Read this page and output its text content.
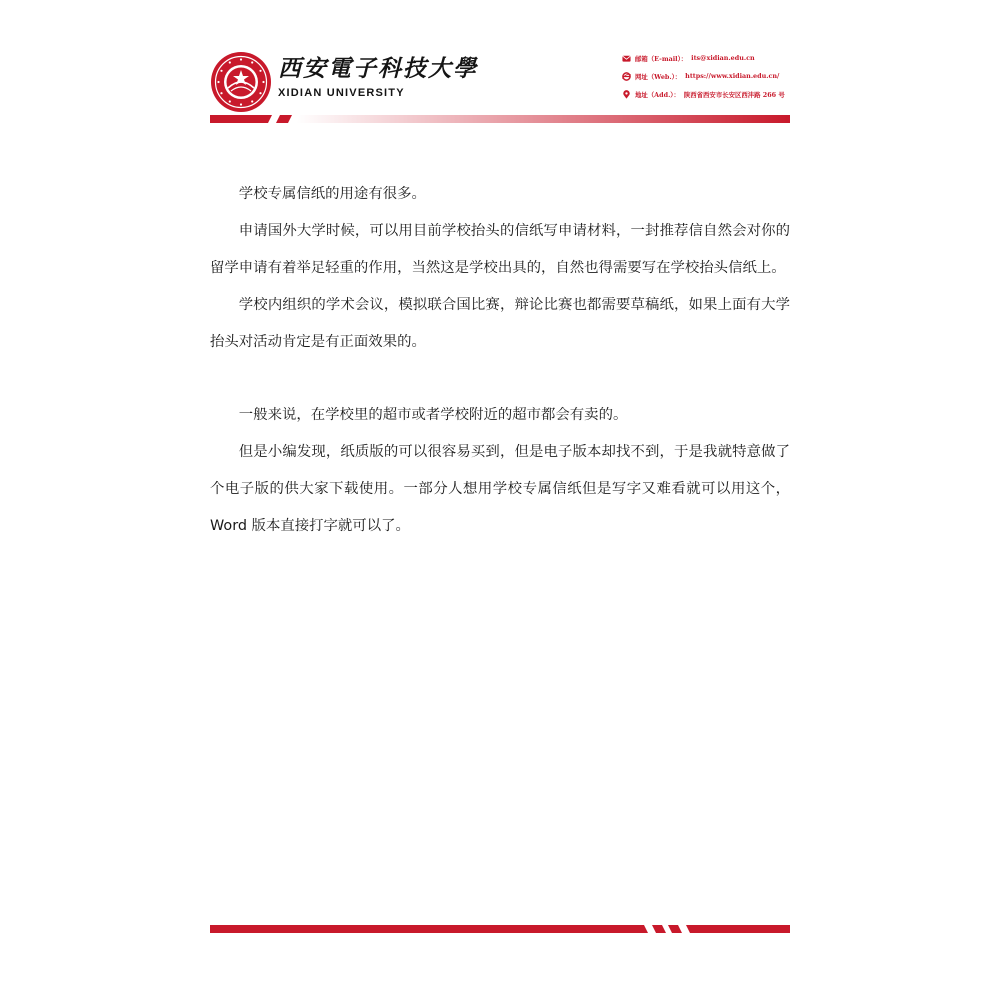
西安電子科技大學
XIDIAN UNIVERSITY
邮箱（E-mail）： its@xidian.edu.cn
网址（Web.）： https://www.xidian.edu.cn/
地址（Add.）： 陕西省西安市长安区西沣路 266 号

学校专属信纸的用途有很多。

申请国外大学时候，可以用目前学校抬头的信纸写申请材料，一封推荐信自然会对你的留学申请有着举足轻重的作用，当然这是学校出具的，自然也得需要写在学校抬头信纸上。

学校内组织的学术会议，模拟联合国比赛，辩论比赛也都需要草稿纸，如果上面有大学抬头对活动肯定是有正面效果的。

一般来说，在学校里的超市或者学校附近的超市都会有卖的。

但是小编发现，纸质版的可以很容易买到，但是电子版本却找不到，于是我就特意做了个电子版的供大家下载使用。一部分人想用学校专属信纸但是写字又难看就可以用这个，Word 版本直接打字就可以了。
